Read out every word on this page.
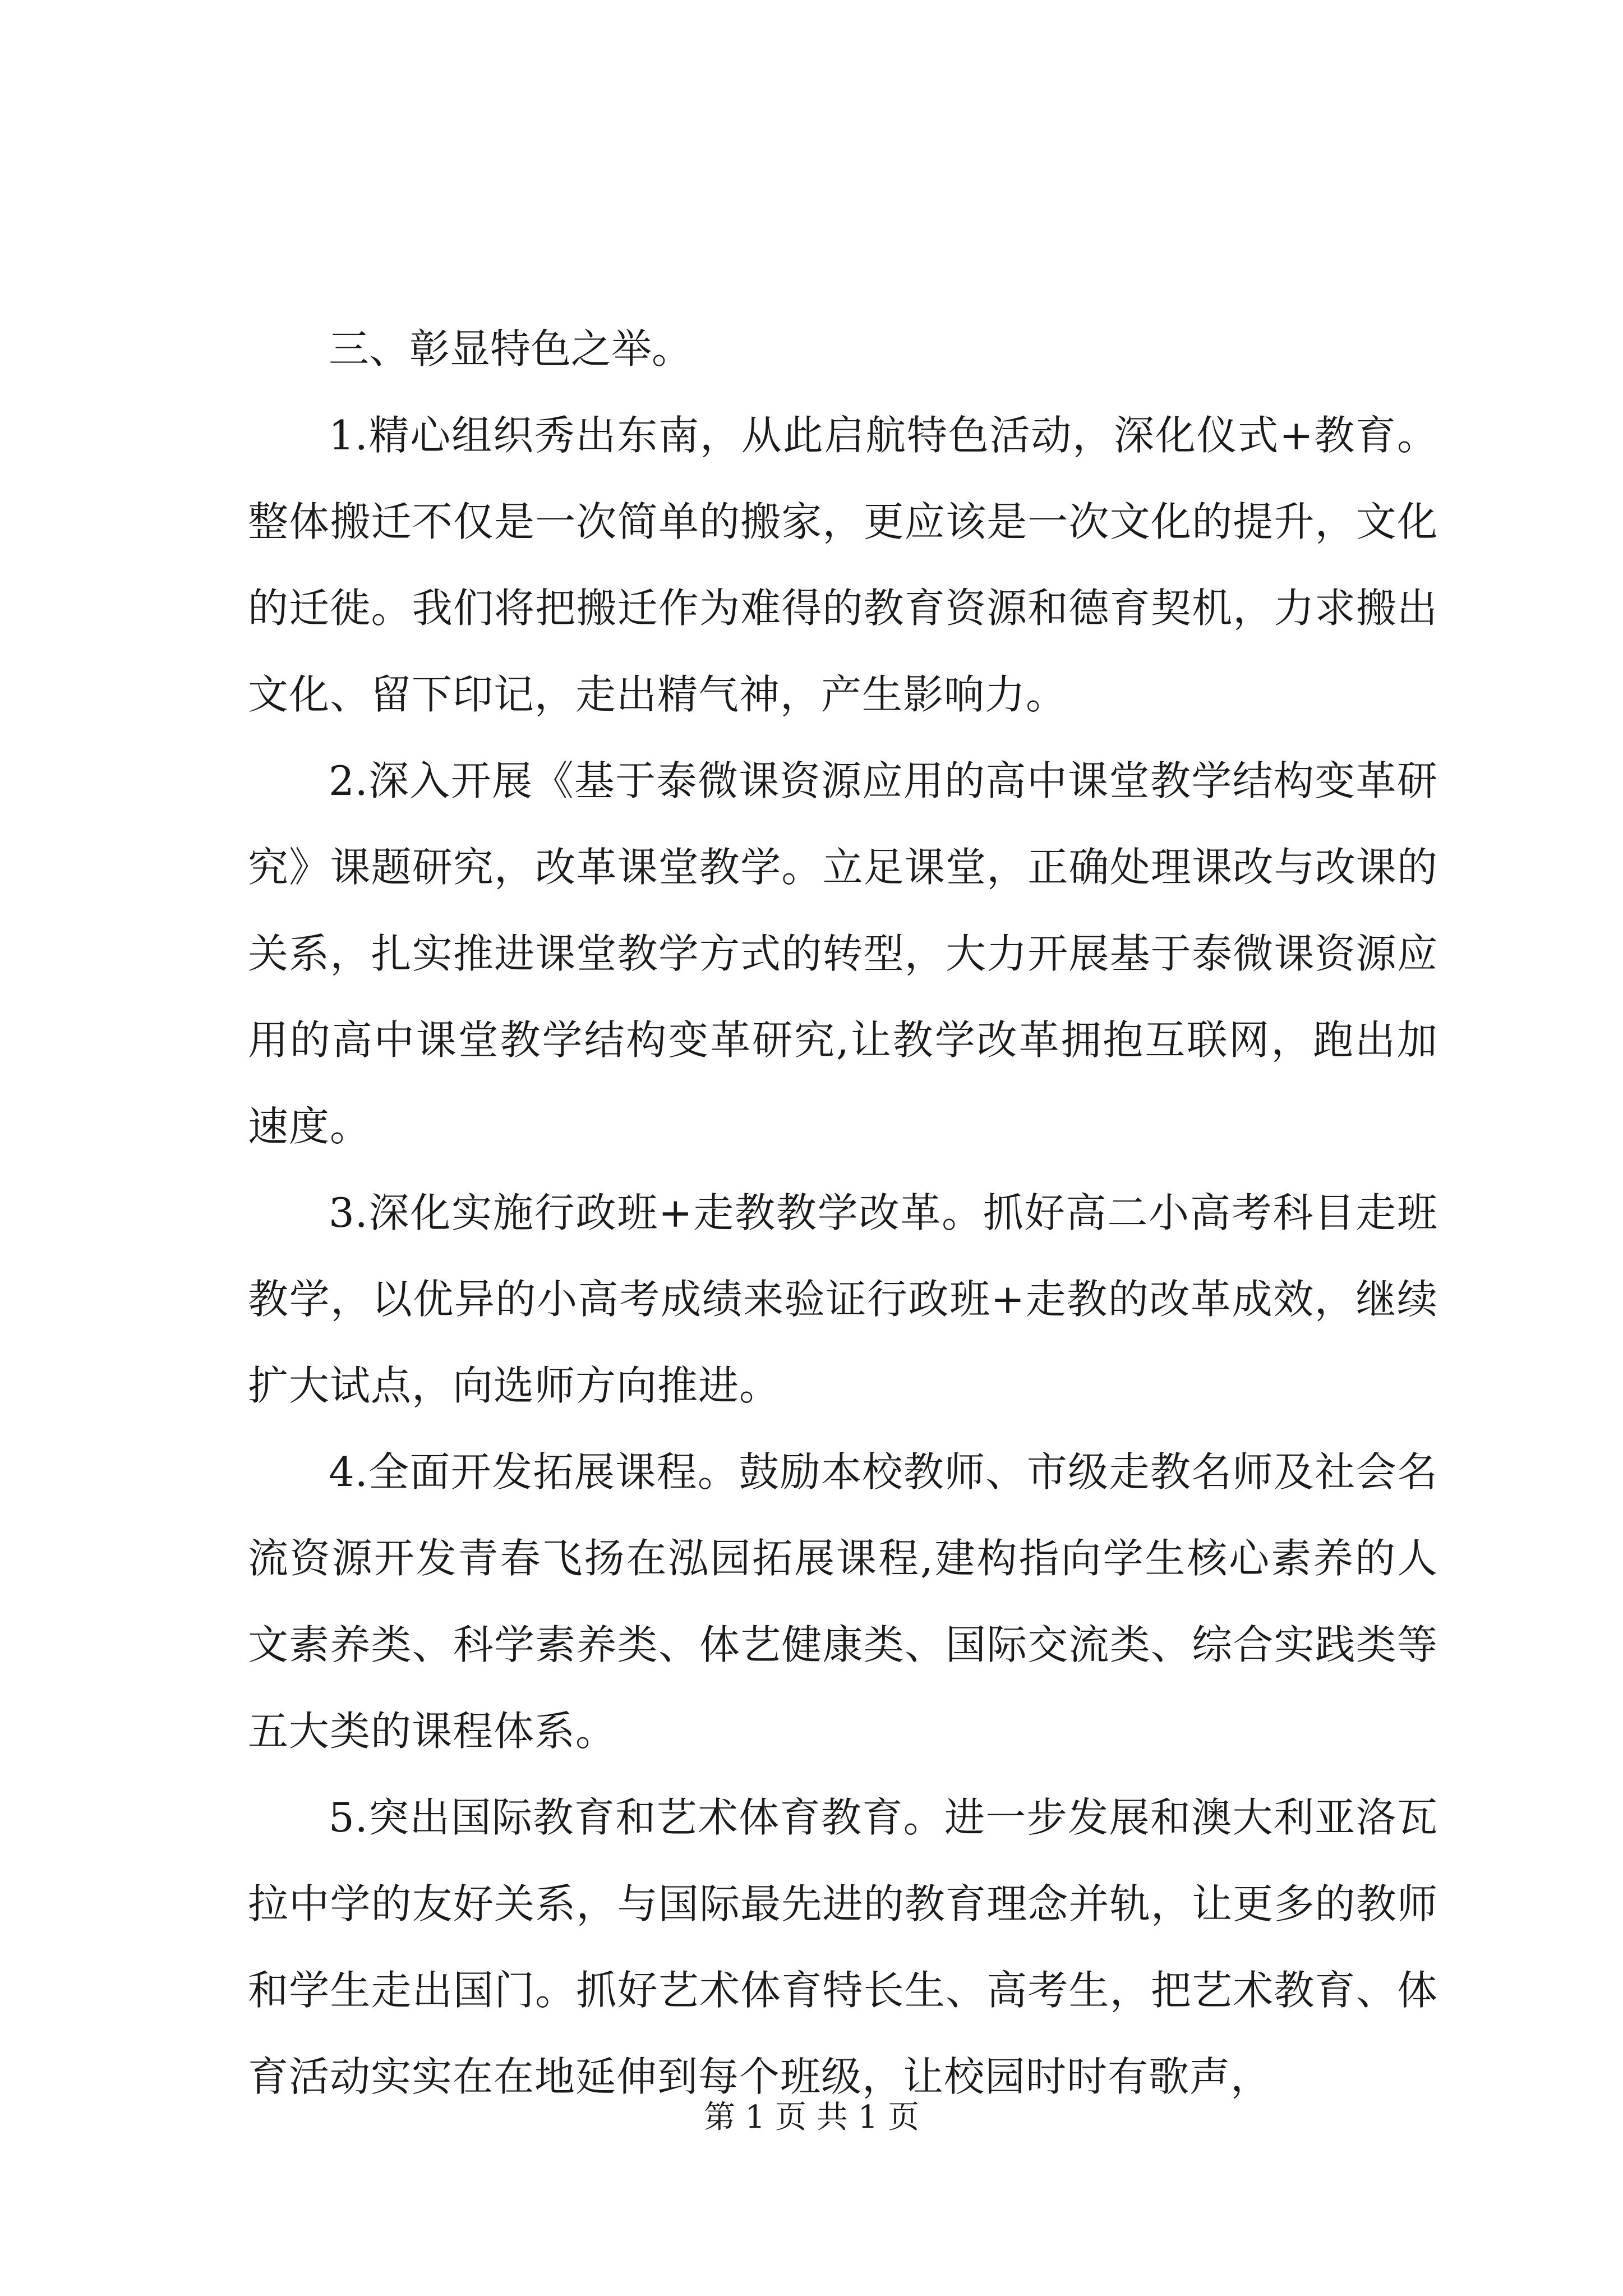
三、彰显特色之举。

1.精心组织秀出东南，从此启航特色活动，深化仪式+教育。整体搬迁不仅是一次简单的搬家，更应该是一次文化的提升，文化的迁徙。我们将把搬迁作为难得的教育资源和德育契机，力求搬出文化、留下印记，走出精气神，产生影响力。

2.深入开展《基于泰微课资源应用的高中课堂教学结构变革研究》课题研究，改革课堂教学。立足课堂，正确处理课改与改课的关系，扎实推进课堂教学方式的转型，大力开展基于泰微课资源应用的高中课堂教学结构变革研究,让教学改革拥抱互联网，跑出加速度。

3.深化实施行政班+走教教学改革。抓好高二小高考科目走班教学，以优异的小高考成绩来验证行政班+走教的改革成效，继续扩大试点，向选师方向推进。

4.全面开发拓展课程。鼓励本校教师、市级走教名师及社会名流资源开发青春飞扬在泓园拓展课程,建构指向学生核心素养的人文素养类、科学素养类、体艺健康类、国际交流类、综合实践类等五大类的课程体系。

5.突出国际教育和艺术体育教育。进一步发展和澳大利亚洛瓦拉中学的友好关系，与国际最先进的教育理念并轨，让更多的教师和学生走出国门。抓好艺术体育特长生、高考生，把艺术教育、体育活动实实在在地延伸到每个班级，让校园时时有歌声，

第 1 页 共 1 页
